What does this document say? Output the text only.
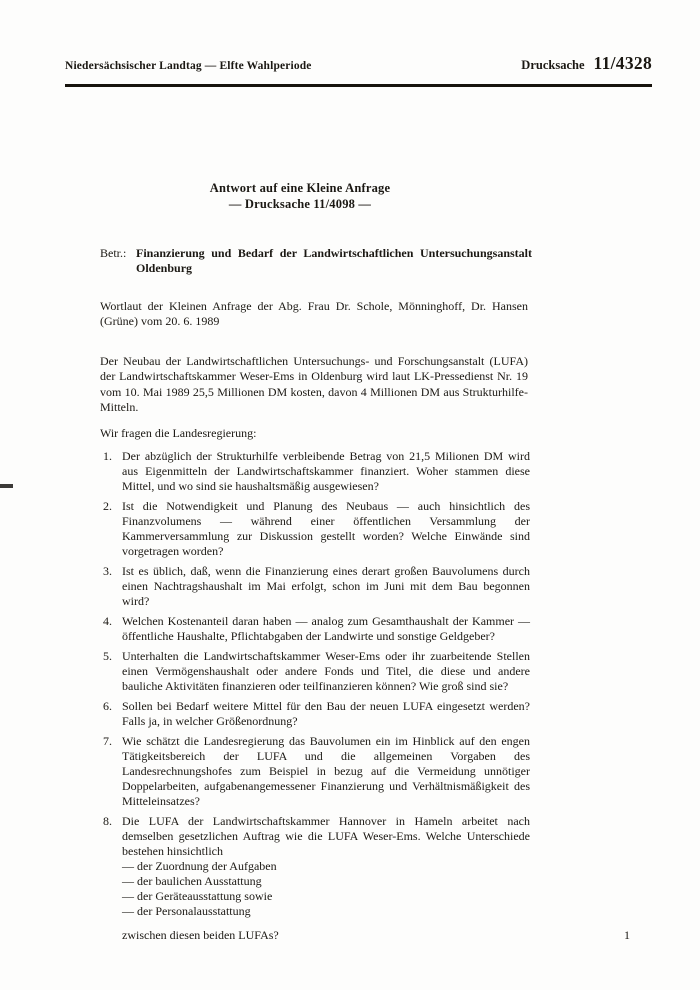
Niedersächsischer Landtag — Elfte Wahlperiode	Drucksache 11/4328
Antwort auf eine Kleine Anfrage
— Drucksache 11/4098 —
Betr.: Finanzierung und Bedarf der Landwirtschaftlichen Untersuchungsanstalt Oldenburg

Wortlaut der Kleinen Anfrage der Abg. Frau Dr. Schole, Mönninghoff, Dr. Hansen (Grüne) vom 20. 6. 1989

Der Neubau der Landwirtschaftlichen Untersuchungs- und Forschungsanstalt (LUFA) der Landwirtschaftskammer Weser-Ems in Oldenburg wird laut LK-Pressedienst Nr. 19 vom 10. Mai 1989 25,5 Millionen DM kosten, davon 4 Millionen DM aus Strukturhilfe-Mitteln.

Wir fragen die Landesregierung:

1. Der abzüglich der Strukturhilfe verbleibende Betrag von 21,5 Milionen DM wird aus Eigenmitteln der Landwirtschaftskammer finanziert. Woher stammen diese Mittel, und wo sind sie haushaltsmäßig ausgewiesen?
2. Ist die Notwendigkeit und Planung des Neubaus — auch hinsichtlich des Finanzvolumens — während einer öffentlichen Versammlung der Kammerversammlung zur Diskussion gestellt worden? Welche Einwände sind vorgetragen worden?
3. Ist es üblich, daß, wenn die Finanzierung eines derart großen Bauvolumens durch einen Nachtragshaushalt im Mai erfolgt, schon im Juni mit dem Bau begonnen wird?
4. Welchen Kostenanteil daran haben — analog zum Gesamthaushalt der Kammer — öffentliche Haushalte, Pflichtabgaben der Landwirte und sonstige Geldgeber?
5. Unterhalten die Landwirtschaftskammer Weser-Ems oder ihr zuarbeitende Stellen einen Vermögenshaushalt oder andere Fonds und Titel, die diese und andere bauliche Aktivitäten finanzieren oder teilfinanzieren können? Wie groß sind sie?
6. Sollen bei Bedarf weitere Mittel für den Bau der neuen LUFA eingesetzt werden? Falls ja, in welcher Größenordnung?
7. Wie schätzt die Landesregierung das Bauvolumen ein im Hinblick auf den engen Tätigkeitsbereich der LUFA und die allgemeinen Vorgaben des Landesrechnungshofes zum Beispiel in bezug auf die Vermeidung unnötiger Doppelarbeiten, aufgabenangemessener Finanzierung und Verhältnismäßigkeit des Mitteleinsatzes?
8. Die LUFA der Landwirtschaftskammer Hannover in Hameln arbeitet nach demselben gesetzlichen Auftrag wie die LUFA Weser-Ems. Welche Unterschiede bestehen hinsichtlich
— der Zuordnung der Aufgaben
— der baulichen Ausstattung
— der Geräteausstattung sowie
— der Personalausstattung
zwischen diesen beiden LUFAs?	1
